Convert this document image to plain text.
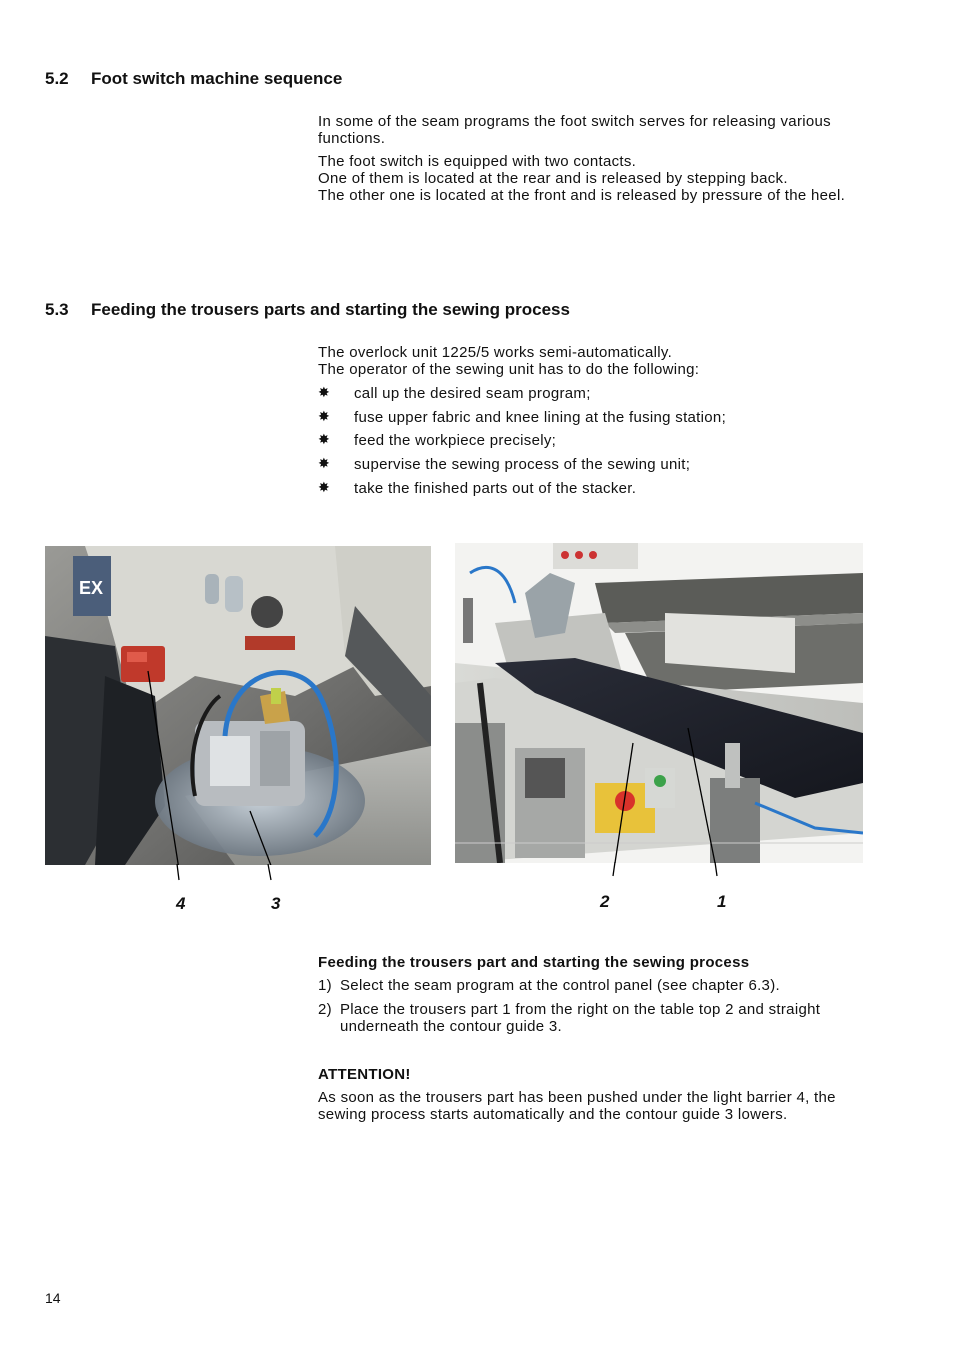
5.2 Foot switch machine sequence

In some of the seam programs the foot switch serves for releasing various functions.

The foot switch is equipped with two contacts.
One of them is located at the rear and is released by stepping back.
The other one is located at the front and is released by pressure of the heel.
5.3 Feeding the trousers parts and starting the sewing process
The overlock unit 1225/5 works semi-automatically.
The operator of the sewing unit has to do the following:
✸ call up the desired seam program;
✸ fuse upper fabric and knee lining at the fusing station;
✸ feed the workpiece precisely;
✸ supervise the sewing process of the sewing unit;
✸ take the finished parts out of the stacker.
EX
4	3	2	1
Feeding the trousers part and starting the sewing process
1) Select the seam program at the control panel (see chapter 6.3).
2) Place the trousers part 1 from the right on the table top 2 and straight underneath the contour guide 3.
ATTENTION!
As soon as the trousers part has been pushed under the light barrier 4, the sewing process starts automatically and the contour guide 3 lowers.
14
